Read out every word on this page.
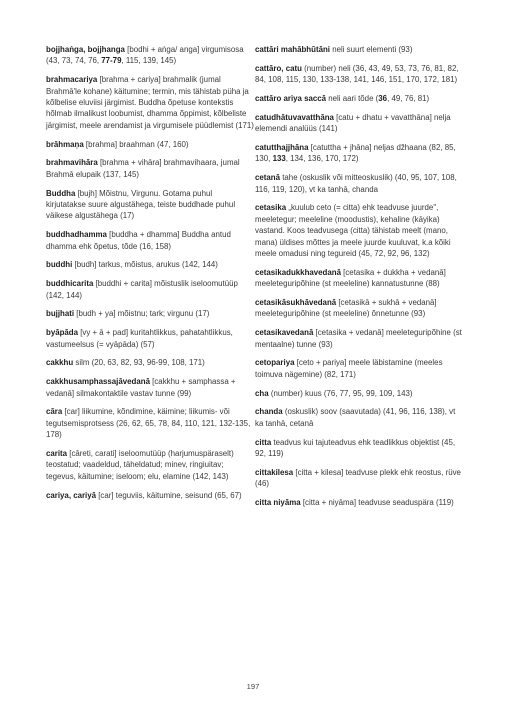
bojjhaṅga, bojjhanga [bodhi + aṅga/ anga] virgumisosa (43, 73, 74, 76, 77-79, 115, 139, 145)

brahmacariya [brahma + cariya] brahmalik (jumal Brahmā'le kohane) käitumine; termin, mis tähistab püha ja kõlbelise eluviisi järgimist. Buddha õpetuse kontekstis hõlmab ilmalikust loobumist, dhamma õppimist, kõlbeliste järgimist, meele arendamist ja virgumisele püüdlemist (171)

brāhmaṇa [brahma] braahman (47, 160)

brahmavihāra [brahma + vihāra] brahmavihaara, jumal Brahmā elupaik (137, 145)

Buddha [bujh] Mõistnu, Virgunu. Gotama puhul kirjutatakse suure algustähega, teiste buddhade puhul väikese algustähega (17)

buddhadhamma [buddha + dhamma] Buddha antud dhamma ehk õpetus, tõde (16, 158)

buddhi [budh] tarkus, mõistus, arukus (142, 144)

buddhicarita [buddhi + carita] mõistuslik iseloomutüüp (142, 144)

bujjhati [budh + ya] mõistnu; tark; virgunu (17)

byāpāda [vy + ā + pad] kuritahtlikkus, pahatahtlikkus, vastumeelsus (= vyāpāda) (57)

cakkhu silm (20, 63, 82, 93, 96-99, 108, 171)

cakkhusamphassajāvedanā [cakkhu + samphassa + vedanā] silmakontaktile vastav tunne (99)

cāra [car] liikumine, kõndimine, käimine; liikumis- või tegutsemisprotsess (26, 62, 65, 78, 84, 110, 121, 132-135, 178)

carita [cāreti, carati] iseloomutüüp (harjumuspäraselt) teostatud; vaadeldud, täheldatud; minev, ringiuitav; tegevus, käitumine; iseloom; elu, elamine (142, 143)

cariya, cariyā [car] teguviis, käitumine, seisund (65, 67)

cattāri mahābhūtāni neli suurt elementi (93)

cattāro, catu (number) neli (36, 43, 49, 53, 73, 76, 81, 82, 84, 108, 115, 130, 133-138, 141, 146, 151, 170, 172, 181)

cattāro ariya saccā neli aari tõde (36, 49, 76, 81)

catudhātuvavatthāna [catu + dhatu + vavatthāna] nelja elemendi analüüs (141)

catutthajjhāna [catuttha + jhāna] neljas džhaana (82, 85, 130, 133, 134, 136, 170, 172)

cetanā tahe (oskuslik või mitteoskuslik) (40, 95, 107, 108, 116, 119, 120), vt ka tanhā, chanda

cetasika „kuulub ceto (= citta) ehk teadvuse juurde", meeletegur; meeleline (moodustis), kehaline (kāyika) vastand. Koos teadvusega (citta) tähistab meelt (mano, mana) üldises mõttes ja meele juurde kuuluvat, k.a kõiki meele omadusi ning tegureid (45, 72, 92, 96, 132)

cetasikadukkhavedanā [cetasika + dukkha + vedanā] meeleteguripõhine (st meeleline) kannatustunne (88)

cetasikāsukhāvedanā [cetasikā + sukhā + vedanā] meeleteguripõhine (st meeleline) õnnetunne (93)

cetasikavedanā [cetasika + vedanā] meeleteguripõhine (st mentaalne) tunne (93)

cetopariya [ceto + pariya] meele läbistamine (meeles toimuva nägemine) (82, 171)

cha (number) kuus (76, 77, 95, 99, 109, 143)

chanda (oskuslik) soov (saavutada) (41, 96, 116, 138), vt ka tanhā, cetanā

citta teadvus kui tajuteadvus ehk teadlikkus objektist (45, 92, 119)

cittakilesa [citta + kilesa] teadvuse plekk ehk reostus, rüve (46)

citta niyāma [citta + niyāma] teadvuse seaduspära (119)

197
